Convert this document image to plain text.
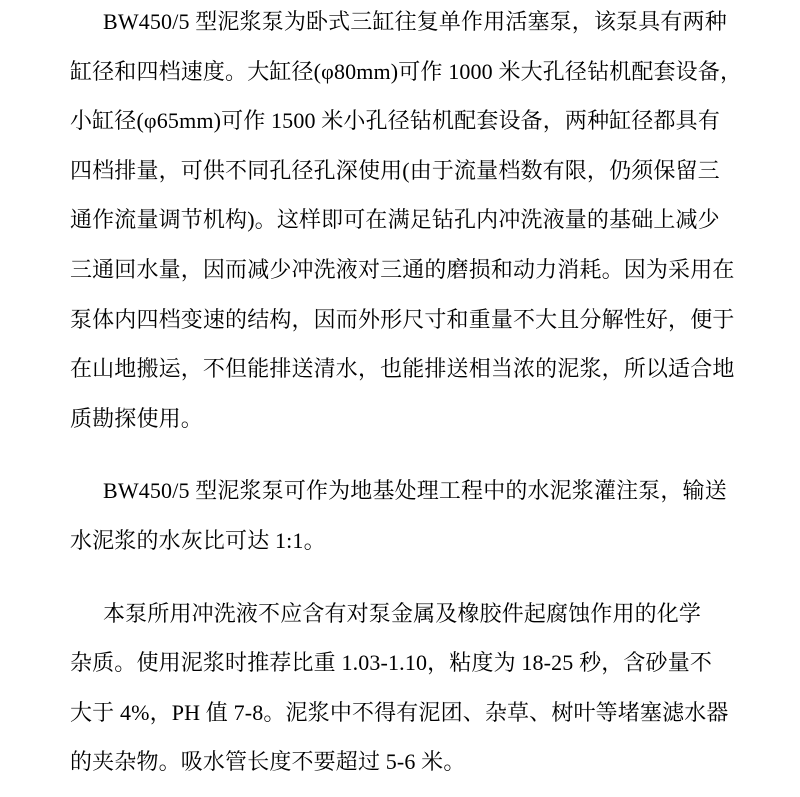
BW450/5 型泥浆泵为卧式三缸往复单作用活塞泵，该泵具有两种
缸径和四档速度。大缸径(φ80mm)可作 1000 米大孔径钻机配套设备，
小缸径(φ65mm)可作 1500 米小孔径钻机配套设备，两种缸径都具有
四档排量，可供不同孔径孔深使用(由于流量档数有限，仍须保留三
通作流量调节机构)。这样即可在满足钻孔内冲洗液量的基础上减少
三通回水量，因而减少冲洗液对三通的磨损和动力消耗。因为采用在
泵体内四档变速的结构，因而外形尺寸和重量不大且分解性好，便于
在山地搬运，不但能排送清水，也能排送相当浓的泥浆，所以适合地
质勘探使用。
BW450/5 型泥浆泵可作为地基处理工程中的水泥浆灌注泵，输送
水泥浆的水灰比可达 1:1。
本泵所用冲洗液不应含有对泵金属及橡胶件起腐蚀作用的化学
杂质。使用泥浆时推荐比重 1.03-1.10，粘度为 18-25 秒，含砂量不
大于 4%，PH 值 7-8。泥浆中不得有泥团、杂草、树叶等堵塞滤水器
的夹杂物。吸水管长度不要超过 5-6 米。
